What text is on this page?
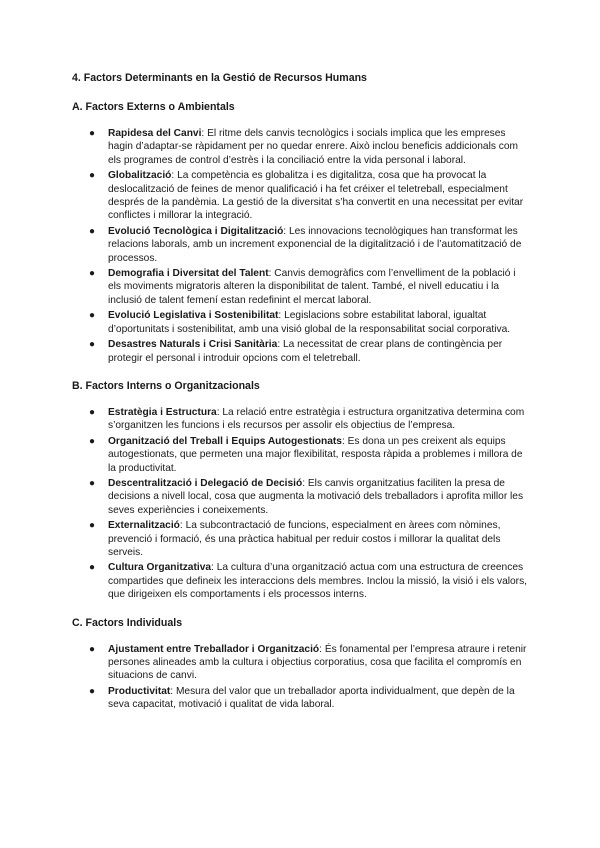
4. Factors Determinants en la Gestió de Recursos Humans
A. Factors Externs o Ambientals
● Rapidesa del Canvi: El ritme dels canvis tecnològics i socials implica que les empreses hagin d’adaptar-se ràpidament per no quedar enrere. Això inclou beneficis addicionals com els programes de control d’estrès i la conciliació entre la vida personal i laboral.
● Globalització: La competència es globalitza i es digitalitza, cosa que ha provocat la deslocalització de feines de menor qualificació i ha fet créixer el teletreball, especialment després de la pandèmia. La gestió de la diversitat s’ha convertit en una necessitat per evitar conflictes i millorar la integració.
● Evolució Tecnològica i Digitalització: Les innovacions tecnològiques han transformat les relacions laborals, amb un increment exponencial de la digitalització i de l’automatització de processos.
● Demografia i Diversitat del Talent: Canvis demogràfics com l’envelliment de la població i els moviments migratoris alteren la disponibilitat de talent. També, el nivell educatiu i la inclusió de talent femení estan redefinint el mercat laboral.
● Evolució Legislativa i Sostenibilitat: Legislacions sobre estabilitat laboral, igualtat d’oportunitats i sostenibilitat, amb una visió global de la responsabilitat social corporativa.
● Desastres Naturals i Crisi Sanitària: La necessitat de crear plans de contingència per protegir el personal i introduir opcions com el teletreball.
B. Factors Interns o Organitzacionals
● Estratègia i Estructura: La relació entre estratègia i estructura organitzativa determina com s’organitzen les funcions i els recursos per assolir els objectius de l’empresa.
● Organització del Treball i Equips Autogestionats: Es dona un pes creixent als equips autogestionats, que permeten una major flexibilitat, resposta ràpida a problemes i millora de la productivitat.
● Descentralització i Delegació de Decisió: Els canvis organitzatius faciliten la presa de decisions a nivell local, cosa que augmenta la motivació dels treballadors i aprofita millor les seves experiències i coneixements.
● Externalització: La subcontractació de funcions, especialment en àrees com nòmines, prevenció i formació, és una pràctica habitual per reduir costos i millorar la qualitat dels serveis.
● Cultura Organitzativa: La cultura d’una organització actua com una estructura de creences compartides que defineix les interaccions dels membres. Inclou la missió, la visió i els valors, que dirigeixen els comportaments i els processos interns.
C. Factors Individuals
● Ajustament entre Treballador i Organització: És fonamental per l’empresa atraure i retenir persones alineades amb la cultura i objectius corporatius, cosa que facilita el compromís en situacions de canvi.
● Productivitat: Mesura del valor que un treballador aporta individualment, que depèn de la seva capacitat, motivació i qualitat de vida laboral.
